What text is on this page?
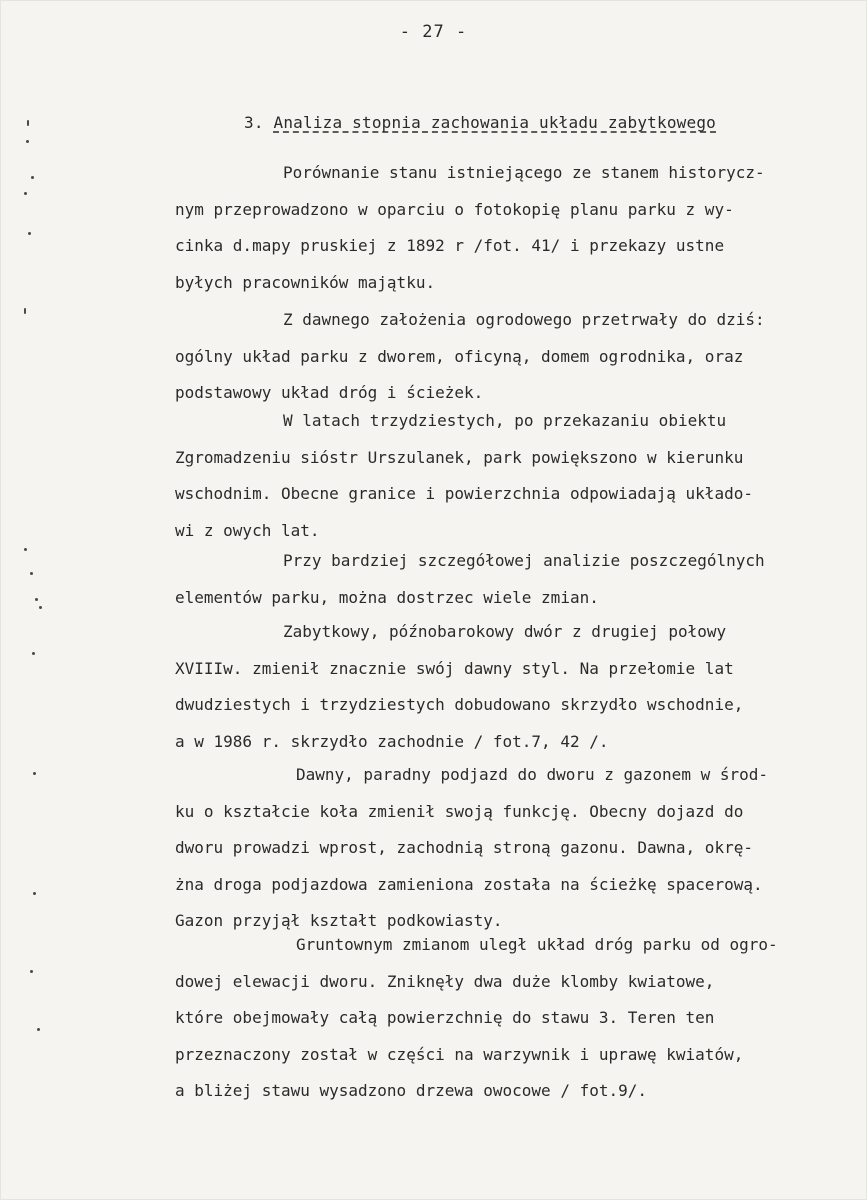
- 27 -
3. Analiza stopnia zachowania układu zabytkowego
Porównanie stanu istniejącego ze stanem historycz-
nym przeprowadzono w oparciu o fotokopię planu parku z wy-
cinka d.mapy pruskiej z 1892 r /fot. 41/ i przekazy ustne
byłych pracowników majątku.
Z dawnego założenia ogrodowego przetrwały do dziś:
ogólny układ parku z dworem, oficyną, domem ogrodnika, oraz
podstawowy układ dróg i ścieżek.
W latach trzydziestych, po przekazaniu obiektu
Zgromadzeniu sióstr Urszulanek, park powiększono w kierunku
wschodnim. Obecne granice i powierzchnia odpowiadają układo-
wi z owych lat.
Przy bardziej szczegółowej analizie poszczególnych
elementów parku, można dostrzec wiele zmian.
Zabytkowy, późnobarokowy dwór z drugiej połowy
XVIIIw. zmienił znacznie swój dawny styl. Na przełomie lat
dwudziestych i trzydziestych dobudowano skrzydło wschodnie,
a w 1986 r. skrzydło zachodnie / fot.7, 42 /.
Dawny, paradny podjazd do dworu z gazonem w środ-
ku o kształcie koła zmienił swoją funkcję. Obecny dojazd do
dworu prowadzi wprost, zachodnią stroną gazonu. Dawna, okrę-
żna droga podjazdowa zamieniona została na ścieżkę spacerową.
Gazon przyjął kształt podkowiasty.
Gruntownym zmianom uległ układ dróg parku od ogro-
dowej elewacji dworu. Zniknęły dwa duże klomby kwiatowe,
które obejmowały całą powierzchnię do stawu 3. Teren ten
przeznaczony został w części na warzywnik i uprawę kwiatów,
a bliżej stawu wysadzono drzewa owocowe / fot.9/.
